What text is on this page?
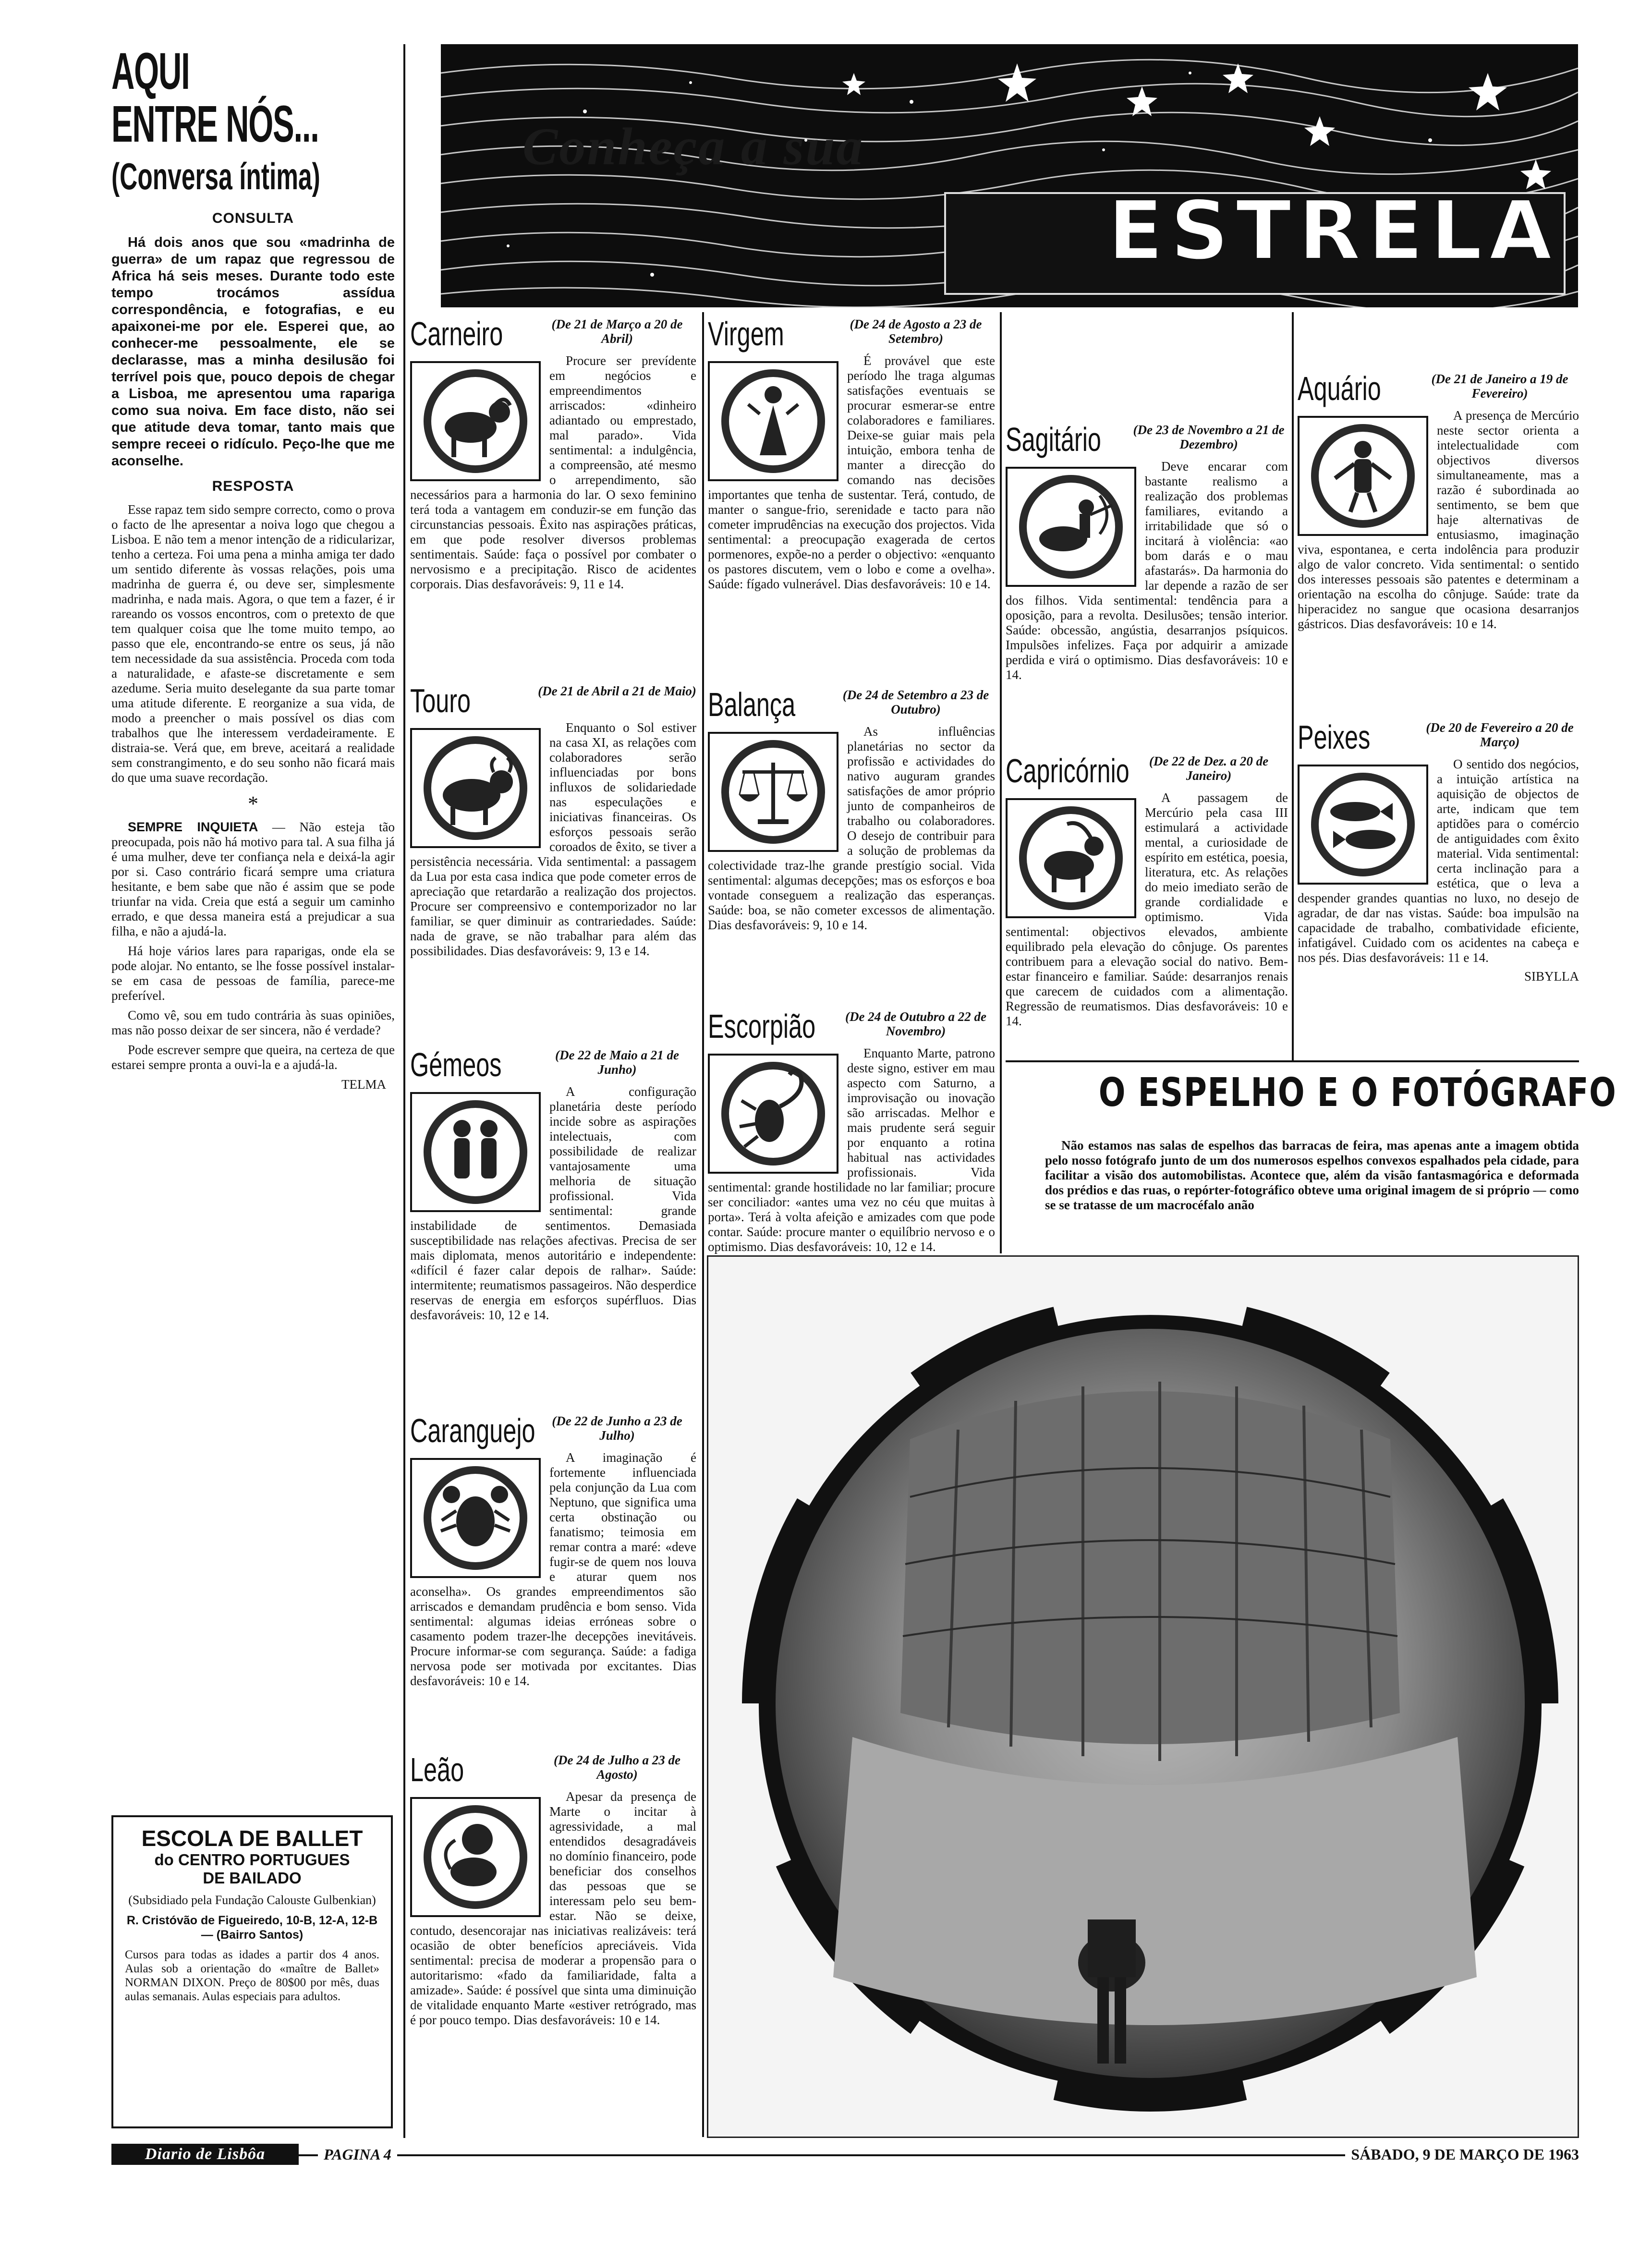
AQUI

ENTRE NÓS...

(Conversa íntima)

CONSULTA

Há dois anos que sou «madrinha de guerra» de um rapaz que regressou de Africa há seis meses. Durante todo este tempo trocámos assídua correspondência, e fotografias, e eu apaixonei-me por ele. Esperei que, ao conhecer-me pessoalmente, ele se declarasse, mas a minha desilusão foi terrível pois que, pouco depois de chegar a Lisboa, me apresentou uma rapariga como sua noiva. Em face disto, não sei que atitude deva tomar, tanto mais que sempre receei o ridículo. Peço-lhe que me aconselhe.

RESPOSTA

Esse rapaz tem sido sempre correcto, como o prova o facto de lhe apresentar a noiva logo que chegou a Lisboa. E não tem a menor intenção de a ridicularizar, tenho a certeza. Foi uma pena a minha amiga ter dado um sentido diferente às vossas relações, pois uma madrinha de guerra é, ou deve ser, simplesmente madrinha, e nada mais. Agora, o que tem a fazer, é ir rareando os vossos encontros, com o pretexto de que tem qualquer coisa que lhe tome muito tempo, ao passo que ele, encontrando-se entre os seus, já não tem necessidade da sua assistência. Proceda com toda a naturalidade, e afaste-se discretamente e sem azedume. Seria muito deselegante da sua parte tomar uma atitude diferente. E reorganize a sua vida, de modo a preencher o mais possível os dias com trabalhos que lhe interessem verdadeiramente. E distraia-se. Verá que, em breve, aceitará a realidade sem constrangimento, e do seu sonho não ficará mais do que uma suave recordação.

*

SEMPRE INQUIETA — Não esteja tão preocupada, pois não há motivo para tal. A sua filha já é uma mulher, deve ter confiança nela e deixá-la agir por si. Caso contrário ficará sempre uma criatura hesitante, e bem sabe que não é assim que se pode triunfar na vida. Creia que está a seguir um caminho errado, e que dessa maneira está a prejudicar a sua filha, e não a ajudá-la.

Há hoje vários lares para raparigas, onde ela se pode alojar. No entanto, se lhe fosse possível instalar-se em casa de pessoas de família, parece-me preferível.

Como vê, sou em tudo contrária às suas opiniões, mas não posso deixar de ser sincera, não é verdade?

Pode escrever sempre que queira, na certeza de que estarei sempre pronta a ouvi-la e a ajudá-la.

TELMA

ESCOLA DE BALLET

do CENTRO PORTUGUES

DE BAILADO

(Subsidiado pela Fundação Calouste Gulbenkian)

R. Cristóvão de Figueiredo, 10-B, 12-A, 12-B — (Bairro Santos)

Cursos para todas as idades a partir dos 4 anos. Aulas sob a orientação do «maître de Ballet» NORMAN DIXON. Preço de 80$00 por mês, duas aulas semanais. Aulas especiais para adultos.

Conheça a sua
ESTRELA

Carneiro	(De 21 de Março a 20 de Abril)

Procure ser prevídente em negócios e empreendimentos arriscados: «dinheiro adiantado ou emprestado, mal parado». Vida sentimental: a indulgência, a compreensão, até mesmo o arrependimento, são necessários para a harmonia do lar. O sexo feminino terá toda a vantagem em conduzir-se em função das circunstancias pessoais. Êxito nas aspirações práticas, em que pode resolver diversos problemas sentimentais. Saúde: faça o possível por combater o nervosismo e a precipitação. Risco de acidentes corporais. Dias desfavoráveis: 9, 11 e 14.

Touro	(De 21 de Abril a 21 de Maio)

Enquanto o Sol estiver na casa XI, as relações com colaboradores serão influenciadas por bons influxos de solidariedade nas especulações e iniciativas financeiras. Os esforços pessoais serão coroados de êxito, se tiver a persistência necessária. Vida sentimental: a passagem da Lua por esta casa indica que pode cometer erros de apreciação que retardarão a realização dos projectos. Procure ser compreensivo e contemporizador no lar familiar, se quer diminuir as contrariedades. Saúde: nada de grave, se não trabalhar para além das possibilidades. Dias desfavoráveis: 9, 13 e 14.

Gémeos	(De 22 de Maio a 21 de Junho)

A configuração planetária deste período incide sobre as aspirações intelectuais, com possibilidade de realizar vantajosamente uma melhoria de situação profissional. Vida sentimental: grande instabilidade de sentimentos. Demasiada susceptibilidade nas relações afectivas. Precisa de ser mais diplomata, menos autoritário e independente: «difícil é fazer calar depois de ralhar». Saúde: intermitente; reumatismos passageiros. Não desperdice reservas de energia em esforços supérfluos. Dias desfavoráveis: 10, 12 e 14.

Caranguejo	(De 22 de Junho a 23 de Julho)

A imaginação é fortemente influenciada pela conjunção da Lua com Neptuno, que significa uma certa obstinação ou fanatismo; teimosia em remar contra a maré: «deve fugir-se de quem nos louva e aturar quem nos aconselha». Os grandes empreendimentos são arriscados e demandam prudência e bom senso. Vida sentimental: algumas ideias erróneas sobre o casamento podem trazer-lhe decepções inevitáveis. Procure informar-se com segurança. Saúde: a fadiga nervosa pode ser motivada por excitantes. Dias desfavoráveis: 10 e 14.

Leão	(De 24 de Julho a 23 de Agosto)

Apesar da presença de Marte o incitar à agressividade, a mal entendidos desagradáveis no domínio financeiro, pode beneficiar dos conselhos das pessoas que se interessam pelo seu bem-estar. Não se deixe, contudo, desencorajar nas iniciativas realizáveis: terá ocasião de obter benefícios apreciáveis. Vida sentimental: precisa de moderar a propensão para o autoritarismo: «fado da familiaridade, falta a amizade». Saúde: é possível que sinta uma diminuição de vitalidade enquanto Marte «estiver retrógrado, mas é por pouco tempo. Dias desfavoráveis: 10 e 14.

Virgem	(De 24 de Agosto a 23 de Setembro)

É provável que este período lhe traga algumas satisfações eventuais se procurar esmerar-se entre colaboradores e familiares. Deixe-se guiar mais pela intuição, embora tenha de manter a direcção do comando nas decisões importantes que tenha de sustentar. Terá, contudo, de manter o sangue-frio, serenidade e tacto para não cometer imprudências na execução dos projectos. Vida sentimental: a preocupação exagerada de certos pormenores, expõe-no a perder o objectivo: «enquanto os pastores discutem, vem o lobo e come a ovelha». Saúde: fígado vulnerável. Dias desfavoráveis: 10 e 14.

Balança	(De 24 de Setembro a 23 de Outubro)

As influências planetárias no sector da profissão e actividades do nativo auguram grandes satisfações de amor próprio junto de companheiros de trabalho ou colaboradores. O desejo de contribuir para a solução de problemas da colectividade traz-lhe grande prestígio social. Vida sentimental: algumas decepções; mas os esforços e boa vontade conseguem a realização das esperanças. Saúde: boa, se não cometer excessos de alimentação. Dias desfavoráveis: 9, 10 e 14.

Escorpião	(De 24 de Outubro a 22 de Novembro)

Enquanto Marte, patrono deste signo, estiver em mau aspecto com Saturno, a improvisação ou inovação são arriscadas. Melhor e mais prudente será seguir por enquanto a rotina habitual nas actividades profissionais. Vida sentimental: grande hostilidade no lar familiar; procure ser conciliador: «antes uma vez no céu que muitas à porta». Terá à volta afeição e amizades com que pode contar. Saúde: procure manter o equilíbrio nervoso e o optimismo. Dias desfavoráveis: 10, 12 e 14.

Sagitário (De 23 de Novembro a 21 de Dezembro)

Deve encarar com bastante realismo a realização dos problemas familiares, evitando a irritabilidade que só o incitará à violência: «ao bom darás e o mau afastarás». Da harmonia do lar depende a razão de ser dos filhos. Vida sentimental: tendência para a oposição, para a revolta. Desilusões; tensão interior. Saúde: obcessão, angústia, desarranjos psíquicos. Impulsões infelizes. Faça por adquirir a amizade perdida e virá o optimismo. Dias desfavoráveis: 10 e 14.

Capricórnio	(De 22 de Dez. a 20 de Janeiro)

A passagem de Mercúrio pela casa III estimulará a actividade mental, a curiosidade de espírito em estética, poesia, literatura, etc. As relações do meio imediato serão de grande cordialidade e optimismo. Vida sentimental: objectivos elevados, ambiente equilibrado pela elevação do cônjuge. Os parentes contribuem para a elevação social do nativo. Bem-estar financeiro e familiar. Saúde: desarranjos renais que carecem de cuidados com a alimentação. Regressão de reumatismos. Dias desfavoráveis: 10 e 14.

Aquário	(De 21 de Janeiro a 19 de Fevereiro)

A presença de Mercúrio neste sector orienta a intelectualidade com objectivos diversos simultaneamente, mas a razão é subordinada ao sentimento, se bem que haje alternativas de entusiasmo, imaginação viva, espontanea, e certa indolência para produzir algo de valor concreto. Vida sentimental: o sentido dos interesses pessoais são patentes e determinam a orientação na escolha do cônjuge. Saúde: trate da hiperacidez no sangue que ocasiona desarranjos gástricos. Dias desfavoráveis: 10 e 14.

Peixes	(De 20 de Fevereiro a 20 de Março)

O sentido dos negócios, a intuição artística na aquisição de objectos de arte, indicam que tem aptidões para o comércio de antiguidades com êxito material. Vida sentimental: certa inclinação para a estética, que o leva a despender grandes quantias no luxo, no desejo de agradar, de dar nas vistas. Saúde: boa impulsão na capacidade de trabalho, combatividade eficiente, infatigável. Cuidado com os acidentes na cabeça e nos pés. Dias desfavoráveis: 11 e 14.

SIBYLLA
O ESPELHO E O FOTÓGRAFO

Não estamos nas salas de espelhos das barracas de feira, mas apenas ante a imagem obtida pelo nosso fotógrafo junto de um dos numerosos espelhos convexos espalhados pela cidade, para facilitar a visão dos automobilistas. Acontece que, além da visão fantasmagórica e deformada dos prédios e das ruas, o repórter-fotográfico obteve uma original imagem de si próprio — como se se tratasse de um macrocéfalo anão

Diario de Lisbôa	PAGINA 4	SÁBADO, 9 DE MARÇO DE 1963
